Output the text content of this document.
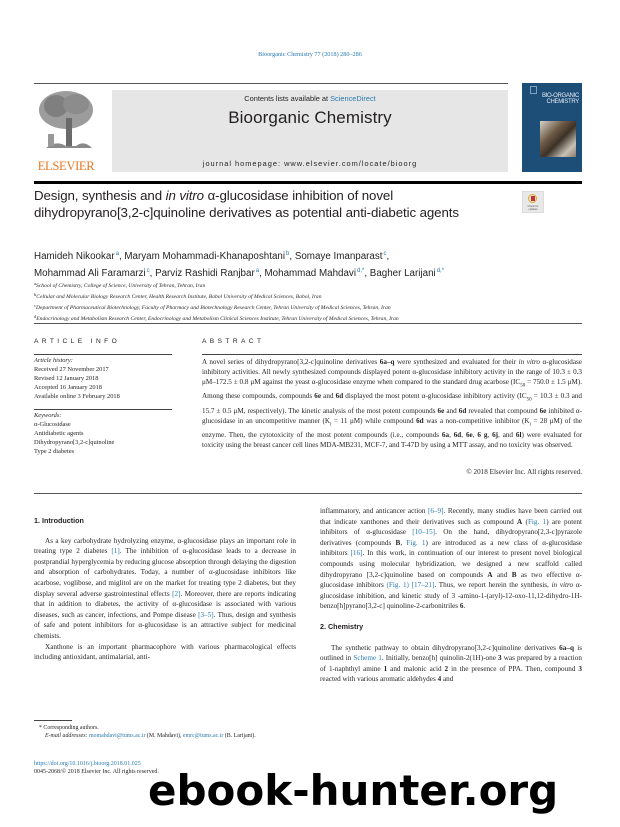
Bioorganic Chemistry 77 (2018) 280–286
ELSEVIER
Contents lists available at ScienceDirect
Bioorganic Chemistry
journal homepage: www.elsevier.com/locate/bioorg
BIO-ORGANIC
CHEMISTRY
Design, synthesis and in vitro α-glucosidase inhibition of novel dihydropyrano[3,2-c]quinoline derivatives as potential anti-diabetic agents	Check for updates
Hamideh Nikookar$^a$, Maryam Mohammadi-Khanaposhtani$^b$, Somaye Imanparast$^c$,
Mohammad Ali Faramarzi$^c$, Parviz Rashidi Ranjbar$^a$, Mohammad Mahdavi$^{d,*}$, Bagher Larijani$^{d,*}$
$^a$School of Chemistry, College of Science, University of Tehran, Tehran, Iran
$^b$Cellular and Molecular Biology Research Center, Health Research Institute, Babol University of Medical Sciences, Babol, Iran
$^c$Department of Pharmaceutical Biotechnology, Faculty of Pharmacy and Biotechnology Research Center, Tehran University of Medical Sciences, Tehran, Iran
$^d$Endocrinology and Metabolism Research Center, Endocrinology and Metabolism Clinical Sciences Institute, Tehran University of Medical Sciences, Tehran, Iran
ARTICLE INFO	ABSTRACT
Article history:
Received 27 November 2017
Revised 12 January 2018
Accepted 16 January 2018
Available online 3 February 2018
Keywords:
α-Glucosidase
Antidiabetic agents
Dihydropyrano[3,2-c]quinoline
Type 2 diabetes
A novel series of dihydropyrano[3,2-c]quinoline derivatives 6a–q were synthesized and evaluated for their in vitro α-glucosidase inhibitory activities. All newly synthesized compounds displayed potent α-glucosidase inhibitory activity in the range of 10.3 ± 0.3 μM–172.5 ± 0.8 μM against the yeast α-glucosidase enzyme when compared to the standard drug acarbose ($IC_{50} = 750.0 \pm 1.5$ μM). Among these compounds, compounds 6e and 6d displayed the most potent α-glucosidase inhibitory activity ($IC_{50} = 10.3 \pm 0.3$ and 15.7 ± 0.5 μM, respectively). The kinetic analysis of the most potent compounds 6e and 6d revealed that compound 6e inhibited α-glucosidase in an uncompetitive manner ($K_i = 11$ μM) while compound 6d was a non-competitive inhibitor ($K_i = 28$ μM) of the enzyme. Then, the cytotoxicity of the most potent compounds (i.e., compounds 6a, 6d, 6e, 6 g, 6j, and 6l) were evaluated for toxicity using the breast cancer cell lines MDA-MB231, MCF-7, and T-47D by using a MTT assay, and no toxicity was observed.
© 2018 Elsevier Inc. All rights reserved.
1. Introduction

As a key carbohydrate hydrolyzing enzyme, α-glucosidase plays an important role in treating type 2 diabetes [1]. The inhibition of α-glucosidase leads to a decrease in postprandial hyperglycemia by reducing glucose absorption through delaying the digestion and absorption of carbohydrates. Today, a number of α-glucosidase inhibitors like acarbose, voglibose, and miglitol are on the market for treating type 2 diabetes, but they display several adverse gastrointestinal effects [2]. Moreover, there are reports indicating that in addition to diabetes, the activity of α-glucosidase is associated with various diseases, such as cancer, infections, and Pompe disease [3–5]. Thus, design and synthesis of safe and potent inhibitors for α-glucosidase is an attractive subject for medicinal chemists.

Xanthone is an important pharmacophore with various pharmacological effects including antioxidant, antimalarial, anti-

* Corresponding authors.
E-mail addresses: momahdavi@tums.ac.ir (M. Mahdavi), emrc@tums.ac.ir (B. Larijani).
https://doi.org/10.1016/j.bioorg.2018.01.025
0045-2068/© 2018 Elsevier Inc. All rights reserved.

inflammatory, and anticancer action [6–9]. Recently, many studies have been carried out that indicate xanthones and their derivatives such as compound A (Fig. 1) are potent inhibitors of α-glucosidase [10–15]. On the hand, dihydropyrano[2,3-c]pyrazole derivatives (compounds B, Fig. 1) are introduced as a new class of α-glucosidase inhibitors [16]. In this work, in continuation of our interest to present novel biological compounds using molecular hybridization, we designed a new scaffold called dihydropyrano [3,2-c]quinoline based on compounds A and B as two effective α-glucosidase inhibitors (Fig. 1) [17–21]. Thus, we report herein the synthesis, in vitro α-glucosidase inhibition, and kinetic study of 3 -amino-1-(aryl)-12-oxo-11,12-dihydro-1H-benzo[h]pyrano[3,2-c] quinoline-2-carbonitriles 6.

2. Chemistry

The synthetic pathway to obtain dihydropyrano[3,2-c]quinoline derivatives 6a–q is outlined in Scheme 1. Initially, benzo[h] quinolin-2(1H)-one 3 was prepared by a reaction of 1-naphthyl amine 1 and malonic acid 2 in the presence of PPA. Then, compound 3 reacted with various aromatic aldehydes 4 and

ebook-hunter.org
